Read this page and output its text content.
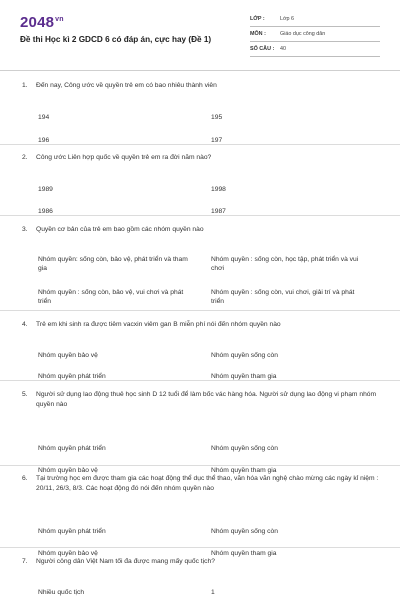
$2048^{vn}$
Đề thi Học kì 2 GDCD 6 có đáp án, cực hay (Đề 1)
LỚP :	Lớp 6
MÔN :	Giáo dục công dân
SỐ CÂU :	40
1.	Đến nay, Công ước về quyền trẻ em có bao nhiêu thành viên
194	195
196	197
2.	Công ước Liên hợp quốc về quyền trẻ em ra đời năm nào?
1989	1998
1986	1987
3.	Quyền cơ bản của trẻ em bao gồm các nhóm quyền nào
Nhóm quyền: sống còn, bảo vệ, phát triển và tham gia
Nhóm quyền : sống còn, học tập, phát triển và vui chơi
Nhóm quyền : sống còn, bảo vệ, vui chơi và phát triển
Nhóm quyền : sống còn, vui chơi, giải trí và phát triển
4.	Trẻ em khi sinh ra được tiêm vacxin viêm gan B miễn phí nói đến nhóm quyền nào
Nhóm quyền bảo vệ	Nhóm quyền sống còn
Nhóm quyền phát triển	Nhóm quyền tham gia
5.	Người sử dụng lao động thuê học sinh D 12 tuổi để làm bốc vác hàng hóa. Người sử dụng lao động vi phạm nhóm quyền nào
Nhóm quyền phát triển	Nhóm quyền sống còn
Nhóm quyền bảo vệ	Nhóm quyền tham gia
6.	Tại trường học em được tham gia các hoạt động thể dục thể thao, văn hóa văn nghệ chào mừng các ngày kỉ niệm : 20/11, 26/3, 8/3. Các hoạt động đó nói đến nhóm quyền nào
Nhóm quyền phát triển	Nhóm quyền sống còn
Nhóm quyền bảo vệ	Nhóm quyền tham gia
7.	Người công dân Việt Nam tối đa được mang mấy quốc tịch?
Nhiều quốc tịch	1
